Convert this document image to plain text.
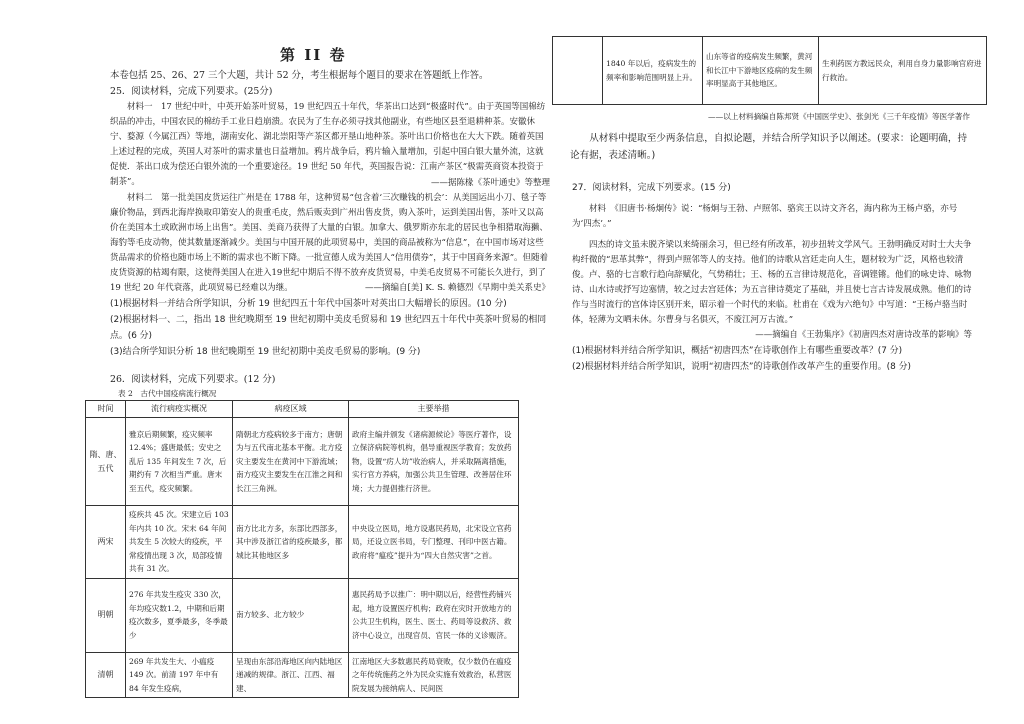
第 II 卷
本卷包括 25、26、27 三个大题，共计 52 分，考生根据每个题目的要求在答题纸上作答。
25．阅读材料，完成下列要求。(25分)
材料一　17 世纪中叶，中英开始茶叶贸易，19 世纪四五十年代，华茶出口达到“极盛时代”。由于英国等国棉纺织品的冲击，中国农民的棉纺手工业日趋崩溃。农民为了生存必须寻找其他副业，有些地区县至退耕种茶。安徽休宁、婺源（今属江西）等地，湖南安化、湖北崇阳等产茶区都开垦山地种茶。茶叶出口价格也在大大下跌。随着英国上述过程的完成，英国人对茶叶的需求量也日益增加。鸦片战争后，鸦片输入量增加，引起中国白银大量外流，这就促使．茶出口成为偿还白银外流的一个重要途径。19 世纪 50 年代，英国报告说：江南产茶区“极需英商资本投资于制茶”。	——据陈椽《茶叶通史》等整理
材料二　第一批美国皮货运往广州是在 1788 年，这种贸易“包含着‘三次赚钱的机会’：从美国运出小刀、毯子等廉价物品，到西北海岸换取印第安人的贵重毛皮，然后贩卖到广州出售皮货，购入茶叶，运到美国出售，茶叶又以高价在美国本土或欧洲市场上出售”。美国、美商乃获得了大量的白银。加拿大、俄罗斯亦东北的居民也争相猎取海獭、海豹等毛皮动物，使其数量逐渐减少。美国与中国开展的此项贸易中，美国的商品被称为“信息”，在中国市场对这些货品需求的价格也随市场上不断的需求也不断下降。一批宣德人成为美国人“信用债券”，其于中国商务来源”。但随着皮货资源的枯竭有限，这使得美国人在进入19世纪中期后不得不放弃皮货贸易，中美毛皮贸易不可能长久进行，到了 19 世纪 20 年代衰落，此项贸易已经难以为继。	——摘编自[美] K. S. 赖德烈《早期中美关系史》
(1)根据材料一并结合所学知识，分析 19 世纪四五十年代中国茶叶对英出口大幅增长的原因。(10 分)
(2)根据材料一、二，指出 18 世纪晚期至 19 世纪初期中美皮毛贸易和 19 世纪四五十年代中英茶叶贸易的相同点。(6 分)
(3)结合所学知识分析 18 世纪晚期至 19 世纪初期中美皮毛贸易的影响。(9 分)
26．阅读材料，完成下列要求。(12 分)
表 2　古代中国疫病流行概况
时间	流行病疫实概况	病疫区域	主要举措
隋、唐、五代	雅京后期频繁，疫灾频率 12.4%；盛唐最低；安史之乱后 135 年间发生 7 次，后期约有 7 次相当严重。唐末至五代，疫灾频繁。	隋朝北方疫病较多于南方；唐朝为与五代南北基本平衡。北方疫灾主要发生在黄河中下游流域；南方疫灾主要发生在江淮之间和长江三角洲。	政府主编并颁发《诸病源候论》等医疗著作，设立保济病院等机构，倡导重视医学教育；发放药物，设置“疠人坊”收治病人，并采取隔离措施，实行官方养病，加强公共卫生管理、改善居住环境；大力提倡推行济世。
两宋	疫疾共 45 次。宋建立后 103 年内共 10 次。宋末 64 年间共发生 5 次较大的疫疾，平常疫情出现 3 次，局部疫情共有 31 次。	南方比北方多，东部比西部多，其中涉及浙江省的疫疾最多，都城比其他地区多	中央设立医局，地方设惠民药局，北宋设立官药局，还设立医书局，专门整理、刊印中医古籍。政府将“瘟疫”提升为“四大自然灾害”之首。
明朝	276 年共发生疫灾 330 次，年均疫灾数1.2，中期和后期疫次数多，夏季最多，冬季最少	南方较多、北方较少	惠民药局予以推广：明中期以后，经营性药铺兴起，地方设置医疗机构；政府在灾时开放地方的公共卫生机构，医生、医士、药局等设救济、救济中心设立，出现官员、官民一体的义诊赈济。
清朝	269 年共发生大、小瘟疫 149 次。前清 197 年中有 84 年发生疫病，	呈现由东部沿海地区向内陆地区递减的规律。浙江、江西、福建、	江南地区大多数惠民药局衰败，仅少数仍在瘟疫之年传统施药之外为民众实施有效救治，私营医院发展为接纳病人、民间医
	1840 年以后，疫病发生的频率和影响范围明显上升。	山东等省的疫病发生频繁，黄河和长江中下游地区疫病的发生频率明显高于其他地区。	生利药医方教远民众，利用自身力量影响官府进行救治。
——以上材料摘编自陈邦贤《中国医学史》、张剑光《三千年疫情》等医学著作
从材料中提取至少两条信息，自拟论题，并结合所学知识予以阐述。(要求：论题明确，持论有据，表述清晰。)
27．阅读材料，完成下列要求。(15 分)
材料　《旧唐书·杨炯传》说：“杨炯与王勃、卢照邻、骆宾王以诗文齐名，海内称为王杨卢骆，亦号为‘四杰’。”
四杰的诗文虽未脱齐梁以来绮丽余习，但已经有所改革，初步扭转文学风气。王勃明确反对时士大夫争构纤微的“思革其弊”，得到卢照邻等人的支持。他们的诗歌从宫廷走向人生，题材较为广泛，风格也较清俊。卢、骆的七言歌行趋向辞赋化，气势稍壮；王、杨的五言律诗规范化，音调铿锵。他们的咏史诗、咏物诗、山水诗或抒写边塞情，较之过去宫廷体；为五言律诗奠定了基础，并且使七言古诗发展成熟。他们的诗作与当时流行的宫体诗区别开来，昭示着一个时代的来临。杜甫在《戏为六绝句》中写道：“王杨卢骆当时体，轻薄为文哂未休。尔曹身与名俱灭，不废江河万古流。”
——摘编自《王勃集序》《初唐四杰对唐诗改革的影响》等
(1)根据材料并结合所学知识，概括“初唐四杰”在诗歌创作上有哪些重要改革？(7 分)
(2)根据材料并结合所学知识，说明“初唐四杰”的诗歌创作改革产生的重要作用。(8 分)
